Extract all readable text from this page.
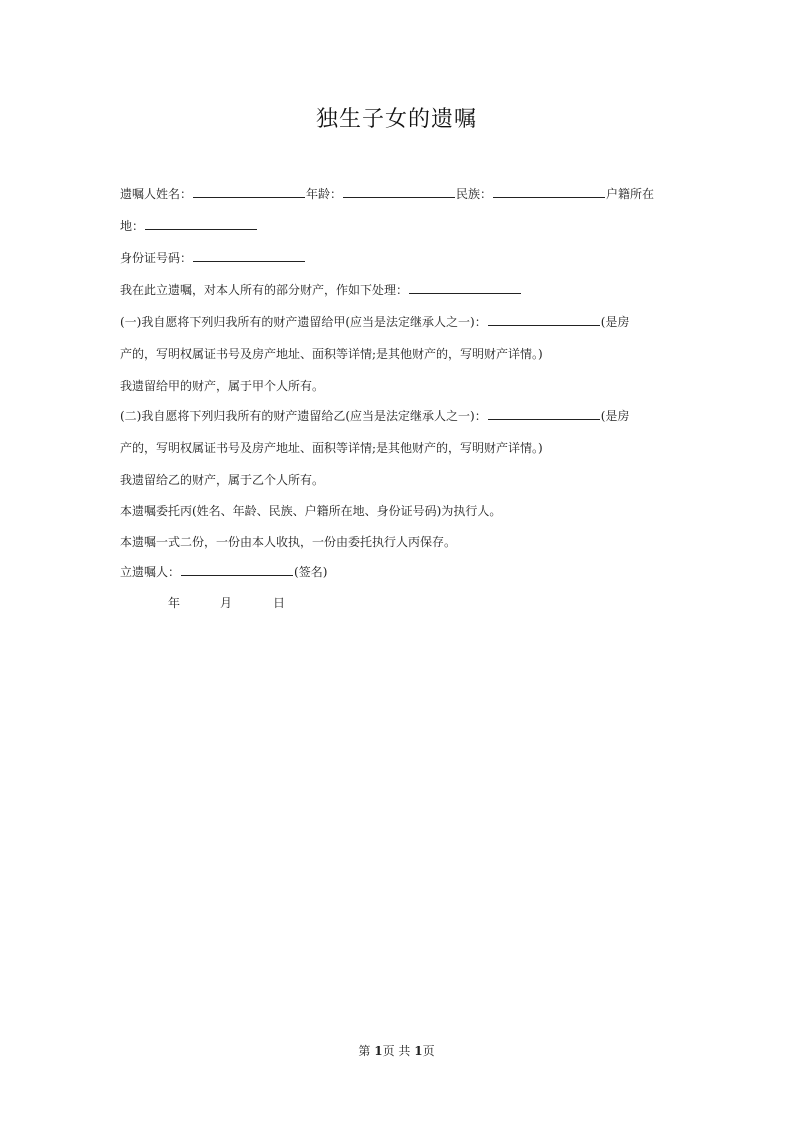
独生子女的遗嘱
遗嘱人姓名：	年龄：	民族：	户籍所在
地：
身份证号码：
我在此立遗嘱，对本人所有的部分财产，作如下处理：
(一)我自愿将下列归我所有的财产遗留给甲(应当是法定继承人之一)：	(是房
产的，写明权属证书号及房产地址、面积等详情;是其他财产的，写明财产详情。)
我遗留给甲的财产，属于甲个人所有。
(二)我自愿将下列归我所有的财产遗留给乙(应当是法定继承人之一)：	(是房
产的，写明权属证书号及房产地址、面积等详情;是其他财产的，写明财产详情。)
我遗留给乙的财产，属于乙个人所有。
本遗嘱委托丙(姓名、年龄、民族、户籍所在地、身份证号码)为执行人。
本遗嘱一式二份，一份由本人收执，一份由委托执行人丙保存。
立遗嘱人：	(签名)
年	月	日
第 1页 共 1页
